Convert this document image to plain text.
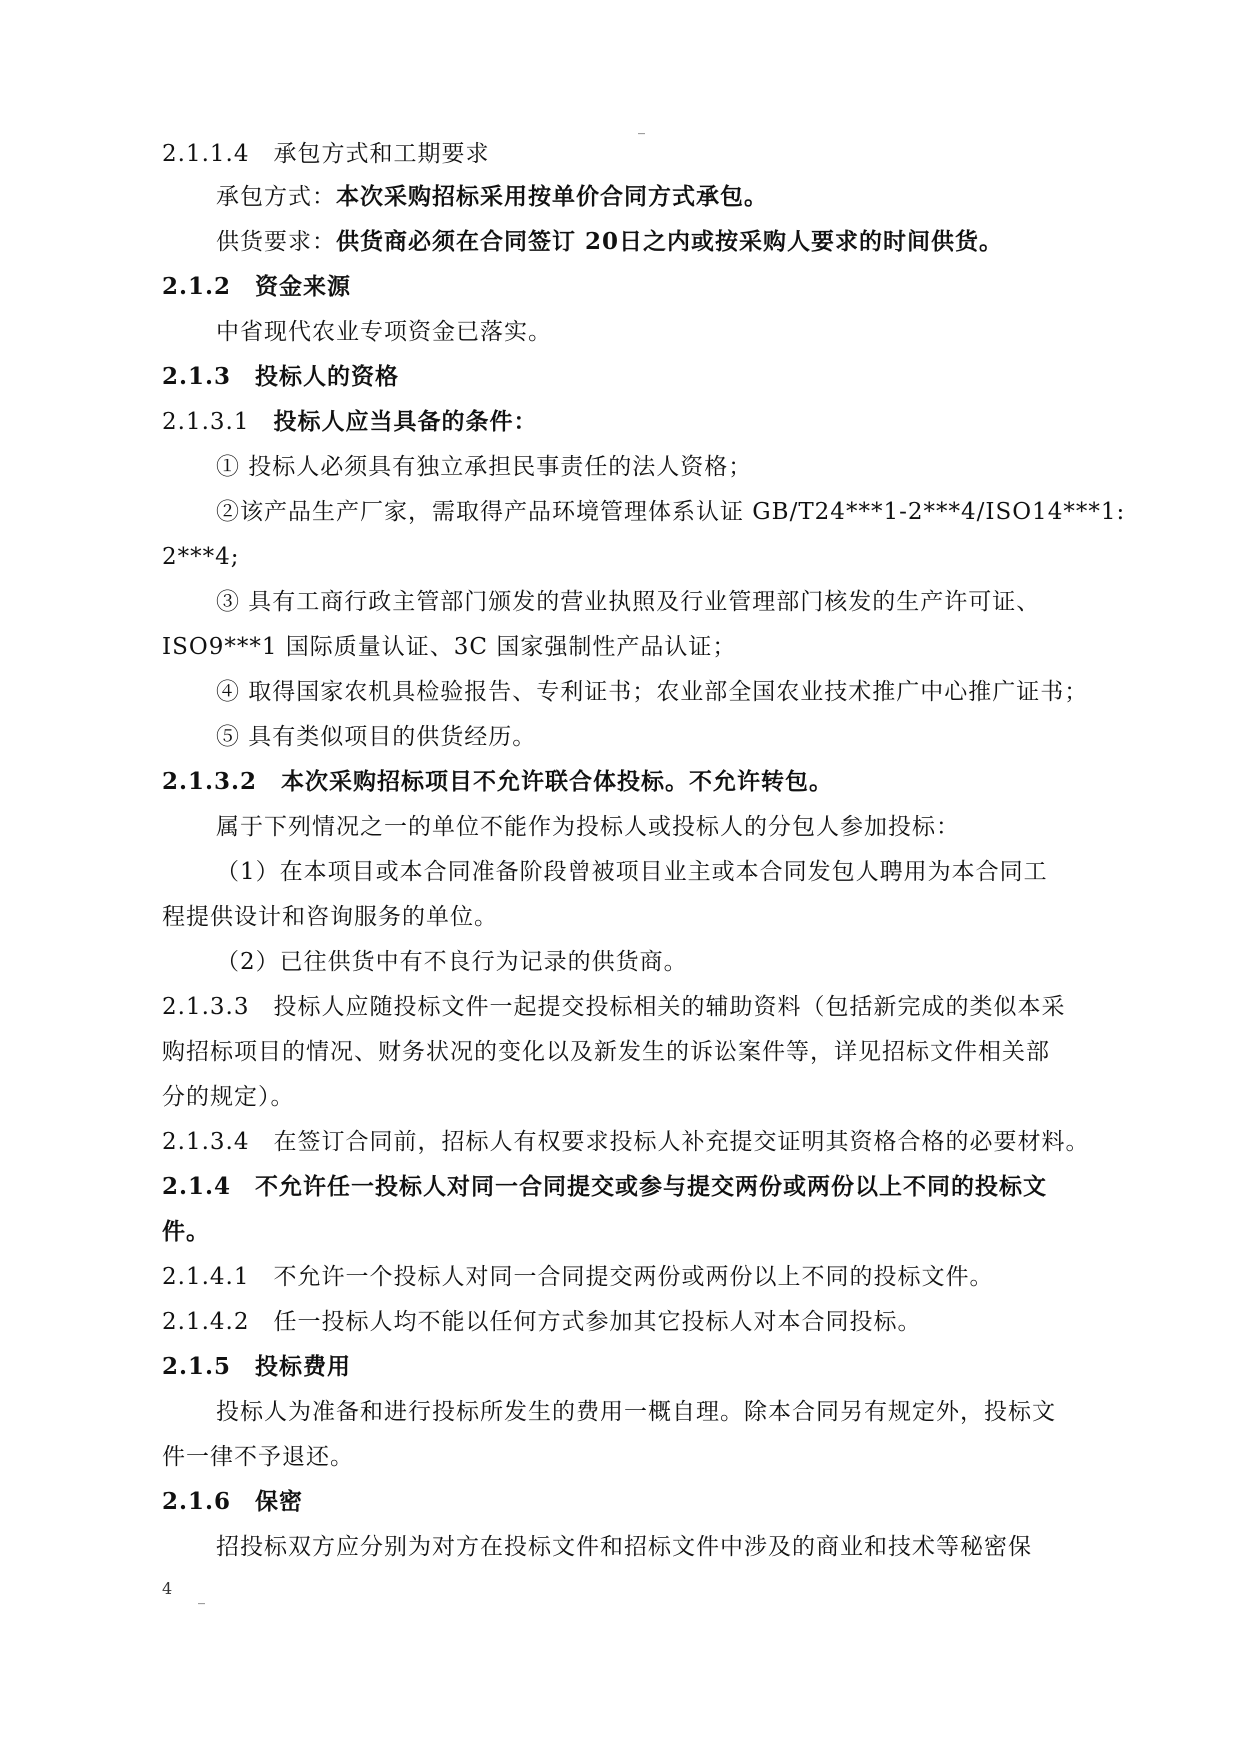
_
2.1.1.4　承包方式和工期要求
承包方式：本次采购招标采用按单价合同方式承包。
供货要求：供货商必须在合同签订 20日之内或按采购人要求的时间供货。
2.1.2　资金来源
中省现代农业专项资金已落实。
2.1.3　投标人的资格
2.1.3.1　投标人应当具备的条件：
① 投标人必须具有独立承担民事责任的法人资格；
②该产品生产厂家，需取得产品环境管理体系认证 GB/T24***1-2***4/ISO14***1:
2***4;
③ 具有工商行政主管部门颁发的营业执照及行业管理部门核发的生产许可证、
ISO9***1 国际质量认证、3C 国家强制性产品认证；
④ 取得国家农机具检验报告、专利证书；农业部全国农业技术推广中心推广证书；
⑤ 具有类似项目的供货经历。
2.1.3.2　本次采购招标项目不允许联合体投标。不允许转包。
属于下列情况之一的单位不能作为投标人或投标人的分包人参加投标：
（1）在本项目或本合同准备阶段曾被项目业主或本合同发包人聘用为本合同工
程提供设计和咨询服务的单位。
（2）已往供货中有不良行为记录的供货商。
2.1.3.3　投标人应随投标文件一起提交投标相关的辅助资料（包括新完成的类似本采
购招标项目的情况、财务状况的变化以及新发生的诉讼案件等，详见招标文件相关部
分的规定）。
2.1.3.4　在签订合同前，招标人有权要求投标人补充提交证明其资格合格的必要材料。
2.1.4　不允许任一投标人对同一合同提交或参与提交两份或两份以上不同的投标文
件。
2.1.4.1　不允许一个投标人对同一合同提交两份或两份以上不同的投标文件。
2.1.4.2　任一投标人均不能以任何方式参加其它投标人对本合同投标。
2.1.5　投标费用
投标人为准备和进行投标所发生的费用一概自理。除本合同另有规定外，投标文
件一律不予退还。
2.1.6　保密
招投标双方应分别为对方在投标文件和招标文件中涉及的商业和技术等秘密保
4 _
